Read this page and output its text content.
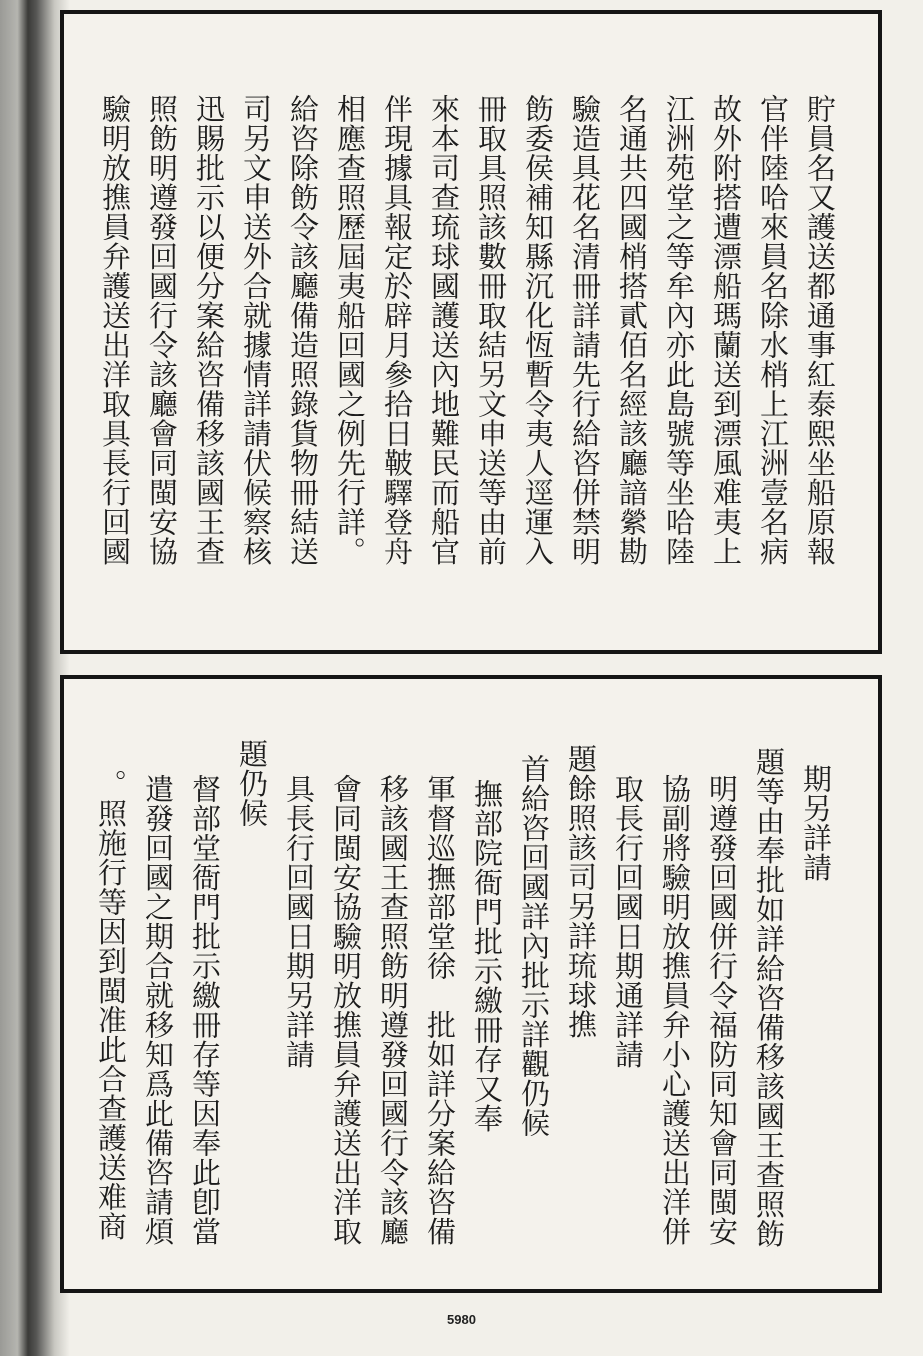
貯員名又護送都通事紅泰熙坐船原報
官伴陸哈來員名除水梢上江洲壹名病
故外附搭遭漂船瑪蘭送到漂風难夷上
江洲苑堂之等牟內亦此島號等坐哈陸
名通共四國梢搭貳佰名經該廳諳縈勘
驗造具花名清冊詳請先行給咨併禁明
飭委侯補知縣沉化恆暫令夷人逕運入
冊取具照該數冊取結另文申送等由前
來本司查琉球國護送內地難民而船官
伴現據具報定於辟月參拾日鞁驛登舟
相應查照歷屆夷船回國之例先行詳。
給咨除飭令該廳備造照錄貨物冊結送
司另文申送外合就據情詳請伏候察核
迅賜批示以便分案給咨備移該國王查
照飭明遵發回國行令該廳會同閩安協
驗明放撨員弁護送出洋取具長行回國
期另詳請
題等由奉批如詳給咨備移該國王查照飭
明遵發回國併行令福防同知會同閩安
協副將驗明放撨員弁小心護送出洋併
取長行回國日期通詳請
題餘照該司另詳琉球撨
首給咨回國詳內批示詳觀仍候
撫部院衙門批示繳冊存又奉
軍督巡撫部堂徐　批如詳分案給咨備
移該國王查照飭明遵發回國行令該廳
會同閩安協驗明放撨員弁護送出洋取
具長行回國日期另詳請
題仍候
督部堂衙門批示繳冊存等因奉此卽當
遣發回國之期合就移知爲此備咨請煩
。照施行等因到閩准此合查護送难商
5980
